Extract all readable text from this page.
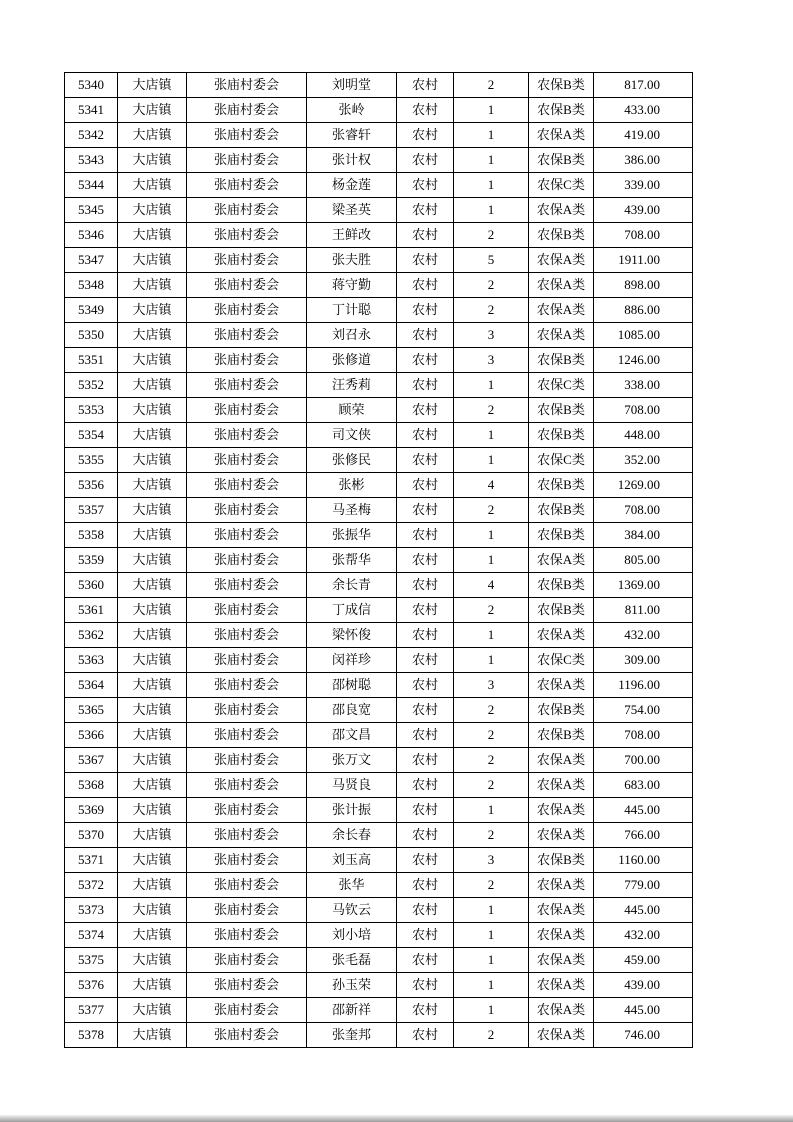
5340	大店镇	张庙村委会	刘明堂	农村	2	农保B类	817.00
5341	大店镇	张庙村委会	张岭	农村	1	农保B类	433.00
5342	大店镇	张庙村委会	张睿轩	农村	1	农保A类	419.00
5343	大店镇	张庙村委会	张计权	农村	1	农保B类	386.00
5344	大店镇	张庙村委会	杨金莲	农村	1	农保C类	339.00
5345	大店镇	张庙村委会	梁圣英	农村	1	农保A类	439.00
5346	大店镇	张庙村委会	王鲜改	农村	2	农保B类	708.00
5347	大店镇	张庙村委会	张夫胜	农村	5	农保A类	1911.00
5348	大店镇	张庙村委会	蒋守勤	农村	2	农保A类	898.00
5349	大店镇	张庙村委会	丁计聪	农村	2	农保A类	886.00
5350	大店镇	张庙村委会	刘召永	农村	3	农保A类	1085.00
5351	大店镇	张庙村委会	张修道	农村	3	农保B类	1246.00
5352	大店镇	张庙村委会	汪秀莉	农村	1	农保C类	338.00
5353	大店镇	张庙村委会	顾荣	农村	2	农保B类	708.00
5354	大店镇	张庙村委会	司文侠	农村	1	农保B类	448.00
5355	大店镇	张庙村委会	张修民	农村	1	农保C类	352.00
5356	大店镇	张庙村委会	张彬	农村	4	农保B类	1269.00
5357	大店镇	张庙村委会	马圣梅	农村	2	农保B类	708.00
5358	大店镇	张庙村委会	张振华	农村	1	农保B类	384.00
5359	大店镇	张庙村委会	张帮华	农村	1	农保A类	805.00
5360	大店镇	张庙村委会	余长青	农村	4	农保B类	1369.00
5361	大店镇	张庙村委会	丁成信	农村	2	农保B类	811.00
5362	大店镇	张庙村委会	梁怀俊	农村	1	农保A类	432.00
5363	大店镇	张庙村委会	闵祥珍	农村	1	农保C类	309.00
5364	大店镇	张庙村委会	邵树聪	农村	3	农保A类	1196.00
5365	大店镇	张庙村委会	邵良宽	农村	2	农保B类	754.00
5366	大店镇	张庙村委会	邵文昌	农村	2	农保B类	708.00
5367	大店镇	张庙村委会	张万文	农村	2	农保A类	700.00
5368	大店镇	张庙村委会	马贤良	农村	2	农保A类	683.00
5369	大店镇	张庙村委会	张计振	农村	1	农保A类	445.00
5370	大店镇	张庙村委会	余长春	农村	2	农保A类	766.00
5371	大店镇	张庙村委会	刘玉高	农村	3	农保B类	1160.00
5372	大店镇	张庙村委会	张华	农村	2	农保A类	779.00
5373	大店镇	张庙村委会	马钦云	农村	1	农保A类	445.00
5374	大店镇	张庙村委会	刘小培	农村	1	农保A类	432.00
5375	大店镇	张庙村委会	张毛磊	农村	1	农保A类	459.00
5376	大店镇	张庙村委会	孙玉荣	农村	1	农保A类	439.00
5377	大店镇	张庙村委会	邵新祥	农村	1	农保A类	445.00
5378	大店镇	张庙村委会	张奎邦	农村	2	农保A类	746.00
